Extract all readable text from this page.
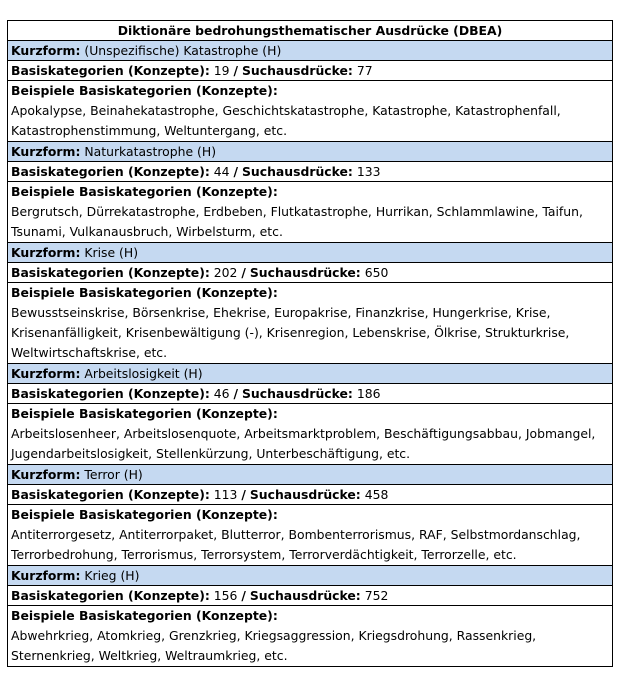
Diktionäre bedrohungsthematischer Ausdrücke (DBEA)
Kurzform: (Unspezifische) Katastrophe (H)
Basiskategorien (Konzepte): 19 / Suchausdrücke: 77
Beispiele Basiskategorien (Konzepte):
Apokalypse, Beinahekatastrophe, Geschichtskatastrophe, Katastrophe, Katastrophenfall,
Katastrophenstimmung, Weltuntergang, etc.
Kurzform: Naturkatastrophe (H)
Basiskategorien (Konzepte): 44 / Suchausdrücke: 133
Beispiele Basiskategorien (Konzepte):
Bergrutsch, Dürrekatastrophe, Erdbeben, Flutkatastrophe, Hurrikan, Schlammlawine, Taifun,
Tsunami, Vulkanausbruch, Wirbelsturm, etc.
Kurzform: Krise (H)
Basiskategorien (Konzepte): 202 / Suchausdrücke: 650
Beispiele Basiskategorien (Konzepte):
Bewusstseinskrise, Börsenkrise, Ehekrise, Europakrise, Finanzkrise, Hungerkrise, Krise,
Krisenanfälligkeit, Krisenbewältigung (-), Krisenregion, Lebenskrise, Ölkrise, Strukturkrise,
Weltwirtschaftskrise, etc.
Kurzform: Arbeitslosigkeit (H)
Basiskategorien (Konzepte): 46 / Suchausdrücke: 186
Beispiele Basiskategorien (Konzepte):
Arbeitslosenheer, Arbeitslosenquote, Arbeitsmarktproblem, Beschäftigungsabbau, Jobmangel,
Jugendarbeitslosigkeit, Stellenkürzung, Unterbeschäftigung, etc.
Kurzform: Terror (H)
Basiskategorien (Konzepte): 113 / Suchausdrücke: 458
Beispiele Basiskategorien (Konzepte):
Antiterrorgesetz, Antiterrorpaket, Blutterror, Bombenterrorismus, RAF, Selbstmordanschlag,
Terrorbedrohung, Terrorismus, Terrorsystem, Terrorverdächtigkeit, Terrorzelle, etc.
Kurzform: Krieg (H)
Basiskategorien (Konzepte): 156 / Suchausdrücke: 752
Beispiele Basiskategorien (Konzepte):
Abwehrkrieg, Atomkrieg, Grenzkrieg, Kriegsaggression, Kriegsdrohung, Rassenkrieg,
Sternenkrieg, Weltkrieg, Weltraumkrieg, etc.
